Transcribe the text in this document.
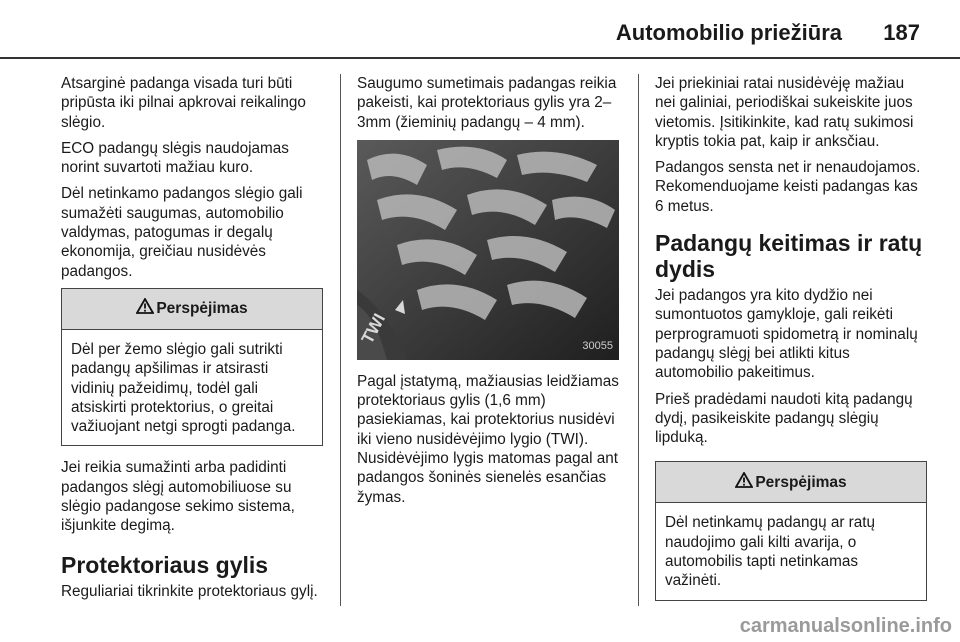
Automobilio priežiūra 187

Atsarginė padanga visada turi būti pripūsta iki pilnai apkrovai reikalingo slėgio.

ECO padangų slėgis naudojamas norint suvartoti mažiau kuro.

Dėl netinkamo padangos slėgio gali sumažėti saugumas, automobilio valdymas, patogumas ir degalų ekonomija, greičiau nusidėvės padangos.

Perspėjimas
Dėl per žemo slėgio gali sutrikti padangų apšilimas ir atsirasti vidinių pažeidimų, todėl gali atsiskirti protektorius, o greitai važiuojant netgi sprogti padanga.

Jei reikia sumažinti arba padidinti padangos slėgį automobiliuose su slėgio padangose sekimo sistema, išjunkite degimą.

Protektoriaus gylis

Reguliariai tikrinkite protektoriaus gylį.

Saugumo sumetimais padangas reikia pakeisti, kai protektoriaus gylis yra 2–3mm (žieminių padangų – 4 mm).

TWI	30055

Pagal įstatymą, mažiausias leidžiamas protektoriaus gylis (1,6 mm) pasiekiamas, kai protektorius nusidėvi iki vieno nusidėvėjimo lygio (TWI). Nusidėvėjimo lygis matomas pagal ant padangos šoninės sienelės esančias žymas.

Jei priekiniai ratai nusidėvėję mažiau nei galiniai, periodiškai sukeiskite juos vietomis. Įsitikinkite, kad ratų sukimosi kryptis tokia pat, kaip ir anksčiau.

Padangos sensta net ir nenaudojamos. Rekomenduojame keisti padangas kas 6 metus.

Padangų keitimas ir ratų dydis

Jei padangos yra kito dydžio nei sumontuotos gamykloje, gali reikėti perprogramuoti spidometrą ir nominalų padangų slėgį bei atlikti kitus automobilio pakeitimus.

Prieš pradėdami naudoti kitą padangų dydį, pasikeiskite padangų slėgių lipduką.

Perspėjimas
Dėl netinkamų padangų ar ratų naudojimo gali kilti avarija, o automobilis tapti netinkamas važinėti.
carmanualsonline.info
